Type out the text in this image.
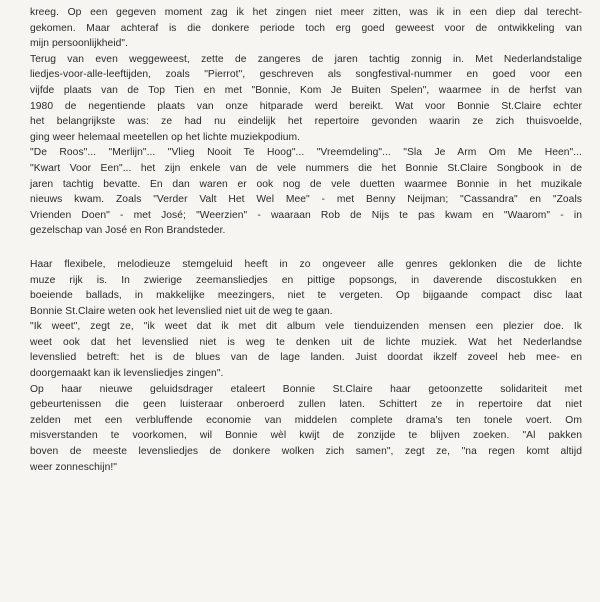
kreeg. Op een gegeven moment zag ik het zingen niet meer zitten, was ik in een diep dal terecht-
gekomen. Maar achteraf is die donkere periode toch erg goed geweest voor de ontwikkeling van
mijn persoonlijkheid".
Terug van even weggeweest, zette de zangeres de jaren tachtig zonnig in. Met Nederlandstalige
liedjes-voor-alle-leeftijden, zoals "Pierrot", geschreven als songfestival-nummer en goed voor een
vijfde plaats van de Top Tien en met "Bonnie, Kom Je Buiten Spelen", waarmee in de herfst van
1980 de negentiende plaats van onze hitparade werd bereikt. Wat voor Bonnie St.Claire echter
het belangrijkste was: ze had nu eindelijk het repertoire gevonden waarin ze zich thuisvoelde,
ging weer helemaal meetellen op het lichte muziekpodium.
"De Roos"... "Merlijn"... "Vlieg Nooit Te Hoog"... "Vreemdeling"... "Sla Je Arm Om Me Heen"...
"Kwart Voor Een"... het zijn enkele van de vele nummers die het Bonnie St.Claire Songbook in de
jaren tachtig bevatte. En dan waren er ook nog de vele duetten waarmee Bonnie in het muzikale
nieuws kwam. Zoals "Verder Valt Het Wel Mee" - met Benny Neijman; "Cassandra" en "Zoals
Vrienden Doen" - met José; "Weerzien" - waaraan Rob de Nijs te pas kwam en "Waarom" - in
gezelschap van José en Ron Brandsteder.
Haar flexibele, melodieuze stemgeluid heeft in zo ongeveer alle genres geklonken die de lichte
muze rijk is. In zwierige zeemansliedjes en pittige popsongs, in daverende discostukken en
boeiende ballads, in makkelijke meezingers, niet te vergeten. Op bijgaande compact disc laat
Bonnie St.Claire weten ook het levenslied niet uit de weg te gaan.
"Ik weet", zegt ze, "ik weet dat ik met dit album vele tienduizenden mensen een plezier doe. Ik
weet ook dat het levenslied niet is weg te denken uit de lichte muziek. Wat het Nederlandse
levenslied betreft: het is de blues van de lage landen. Juist doordat ikzelf zoveel heb mee- en
doorgemaakt kan ik levensliedjes zingen".
Op haar nieuwe geluidsdrager etaleert Bonnie St.Claire haar getoonzette solidariteit met
gebeurtenissen die geen luisteraar onberoerd zullen laten. Schittert ze in repertoire dat niet
zelden met een verbluffende economie van middelen complete drama's ten tonele voert. Om
misverstanden te voorkomen, wil Bonnie wèl kwijt de zonzijde te blijven zoeken. "Al pakken
boven de meeste levensliedjes de donkere wolken zich samen", zegt ze, "na regen komt altijd
weer zonneschijn!"
